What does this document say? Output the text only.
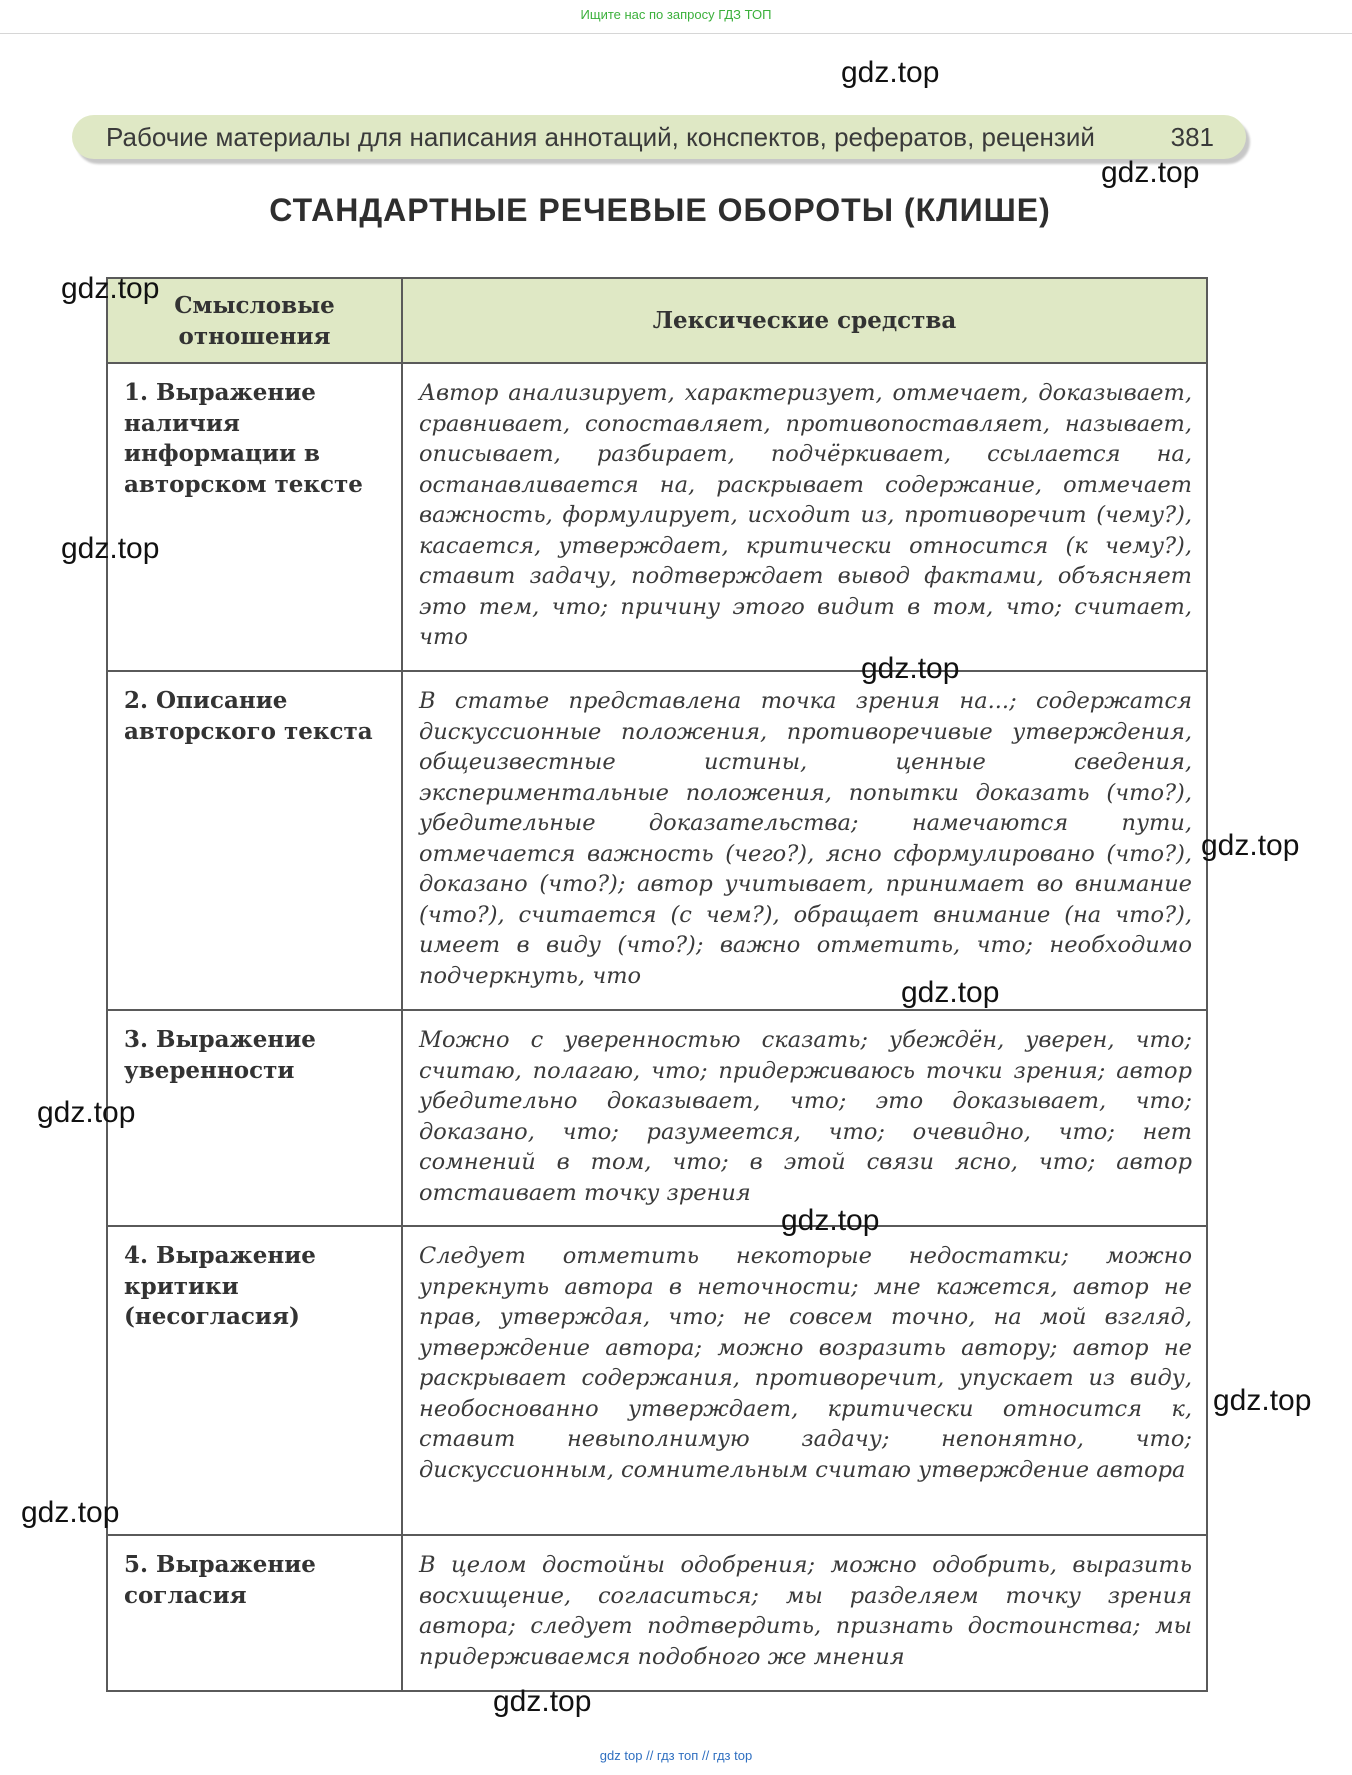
Ищите нас по запросу ГДЗ ТОП
Рабочие материалы для написания аннотаций, конспектов, рефератов, рецензий	381
СТАНДАРТНЫЕ РЕЧЕВЫЕ ОБОРОТЫ (КЛИШЕ)
Смысловые отношения	Лексические средства
1. Выражение наличия информации в авторском тексте	Автор анализирует, характеризует, отмечает, доказывает, сравнивает, сопоставляет, противопоставляет, называет, описывает, разбирает, подчёркивает, ссылается на, останавливается на, раскрывает содержание, отмечает важность, формулирует, исходит из, противоречит (чему?), касается, утверждает, критически относится (к чему?), ставит задачу, подтверждает вывод фактами, объясняет это тем, что; причину этого видит в том, что; считает, что
2. Описание авторского текста	В статье представлена точка зрения на...; содержатся дискуссионные положения, противоречивые утверждения, общеизвестные истины, ценные сведения, экспериментальные положения, попытки доказать (что?), убедительные доказательства; намечаются пути, отмечается важность (чего?), ясно сформулировано (что?), доказано (что?); автор учитывает, принимает во внимание (что?), считается (с чем?), обращает внимание (на что?), имеет в виду (что?); важно отметить, что; необходимо подчеркнуть, что
3. Выражение уверенности	Можно с уверенностью сказать; убеждён, уверен, что; считаю, полагаю, что; придерживаюсь точки зрения; автор убедительно доказывает, что; это доказывает, что; доказано, что; разумеется, что; очевидно, что; нет сомнений в том, что; в этой связи ясно, что; автор отстаивает точку зрения
4. Выражение критики (несогласия)	Следует отметить некоторые недостатки; можно упрекнуть автора в неточности; мне кажется, автор не прав, утверждая, что; не совсем точно, на мой взгляд, утверждение автора; можно возразить автору; автор не раскрывает содержания, противоречит, упускает из виду, необоснованно утверждает, критически относится к, ставит невыполнимую задачу; непонятно, что; дискуссионным, сомнительным считаю утверждение автора
5. Выражение согласия	В целом достойны одобрения; можно одобрить, выразить восхищение, согласиться; мы разделяем точку зрения автора; следует подтвердить, признать достоинства; мы придерживаемся подобного же мнения
gdz.top
gdz.top
gdz.top
gdz.top
gdz.top
gdz.top
gdz.top
gdz.top
gdz.top
gdz.top
gdz.top
gdz.top
gdz top // гдз топ // гдз top
